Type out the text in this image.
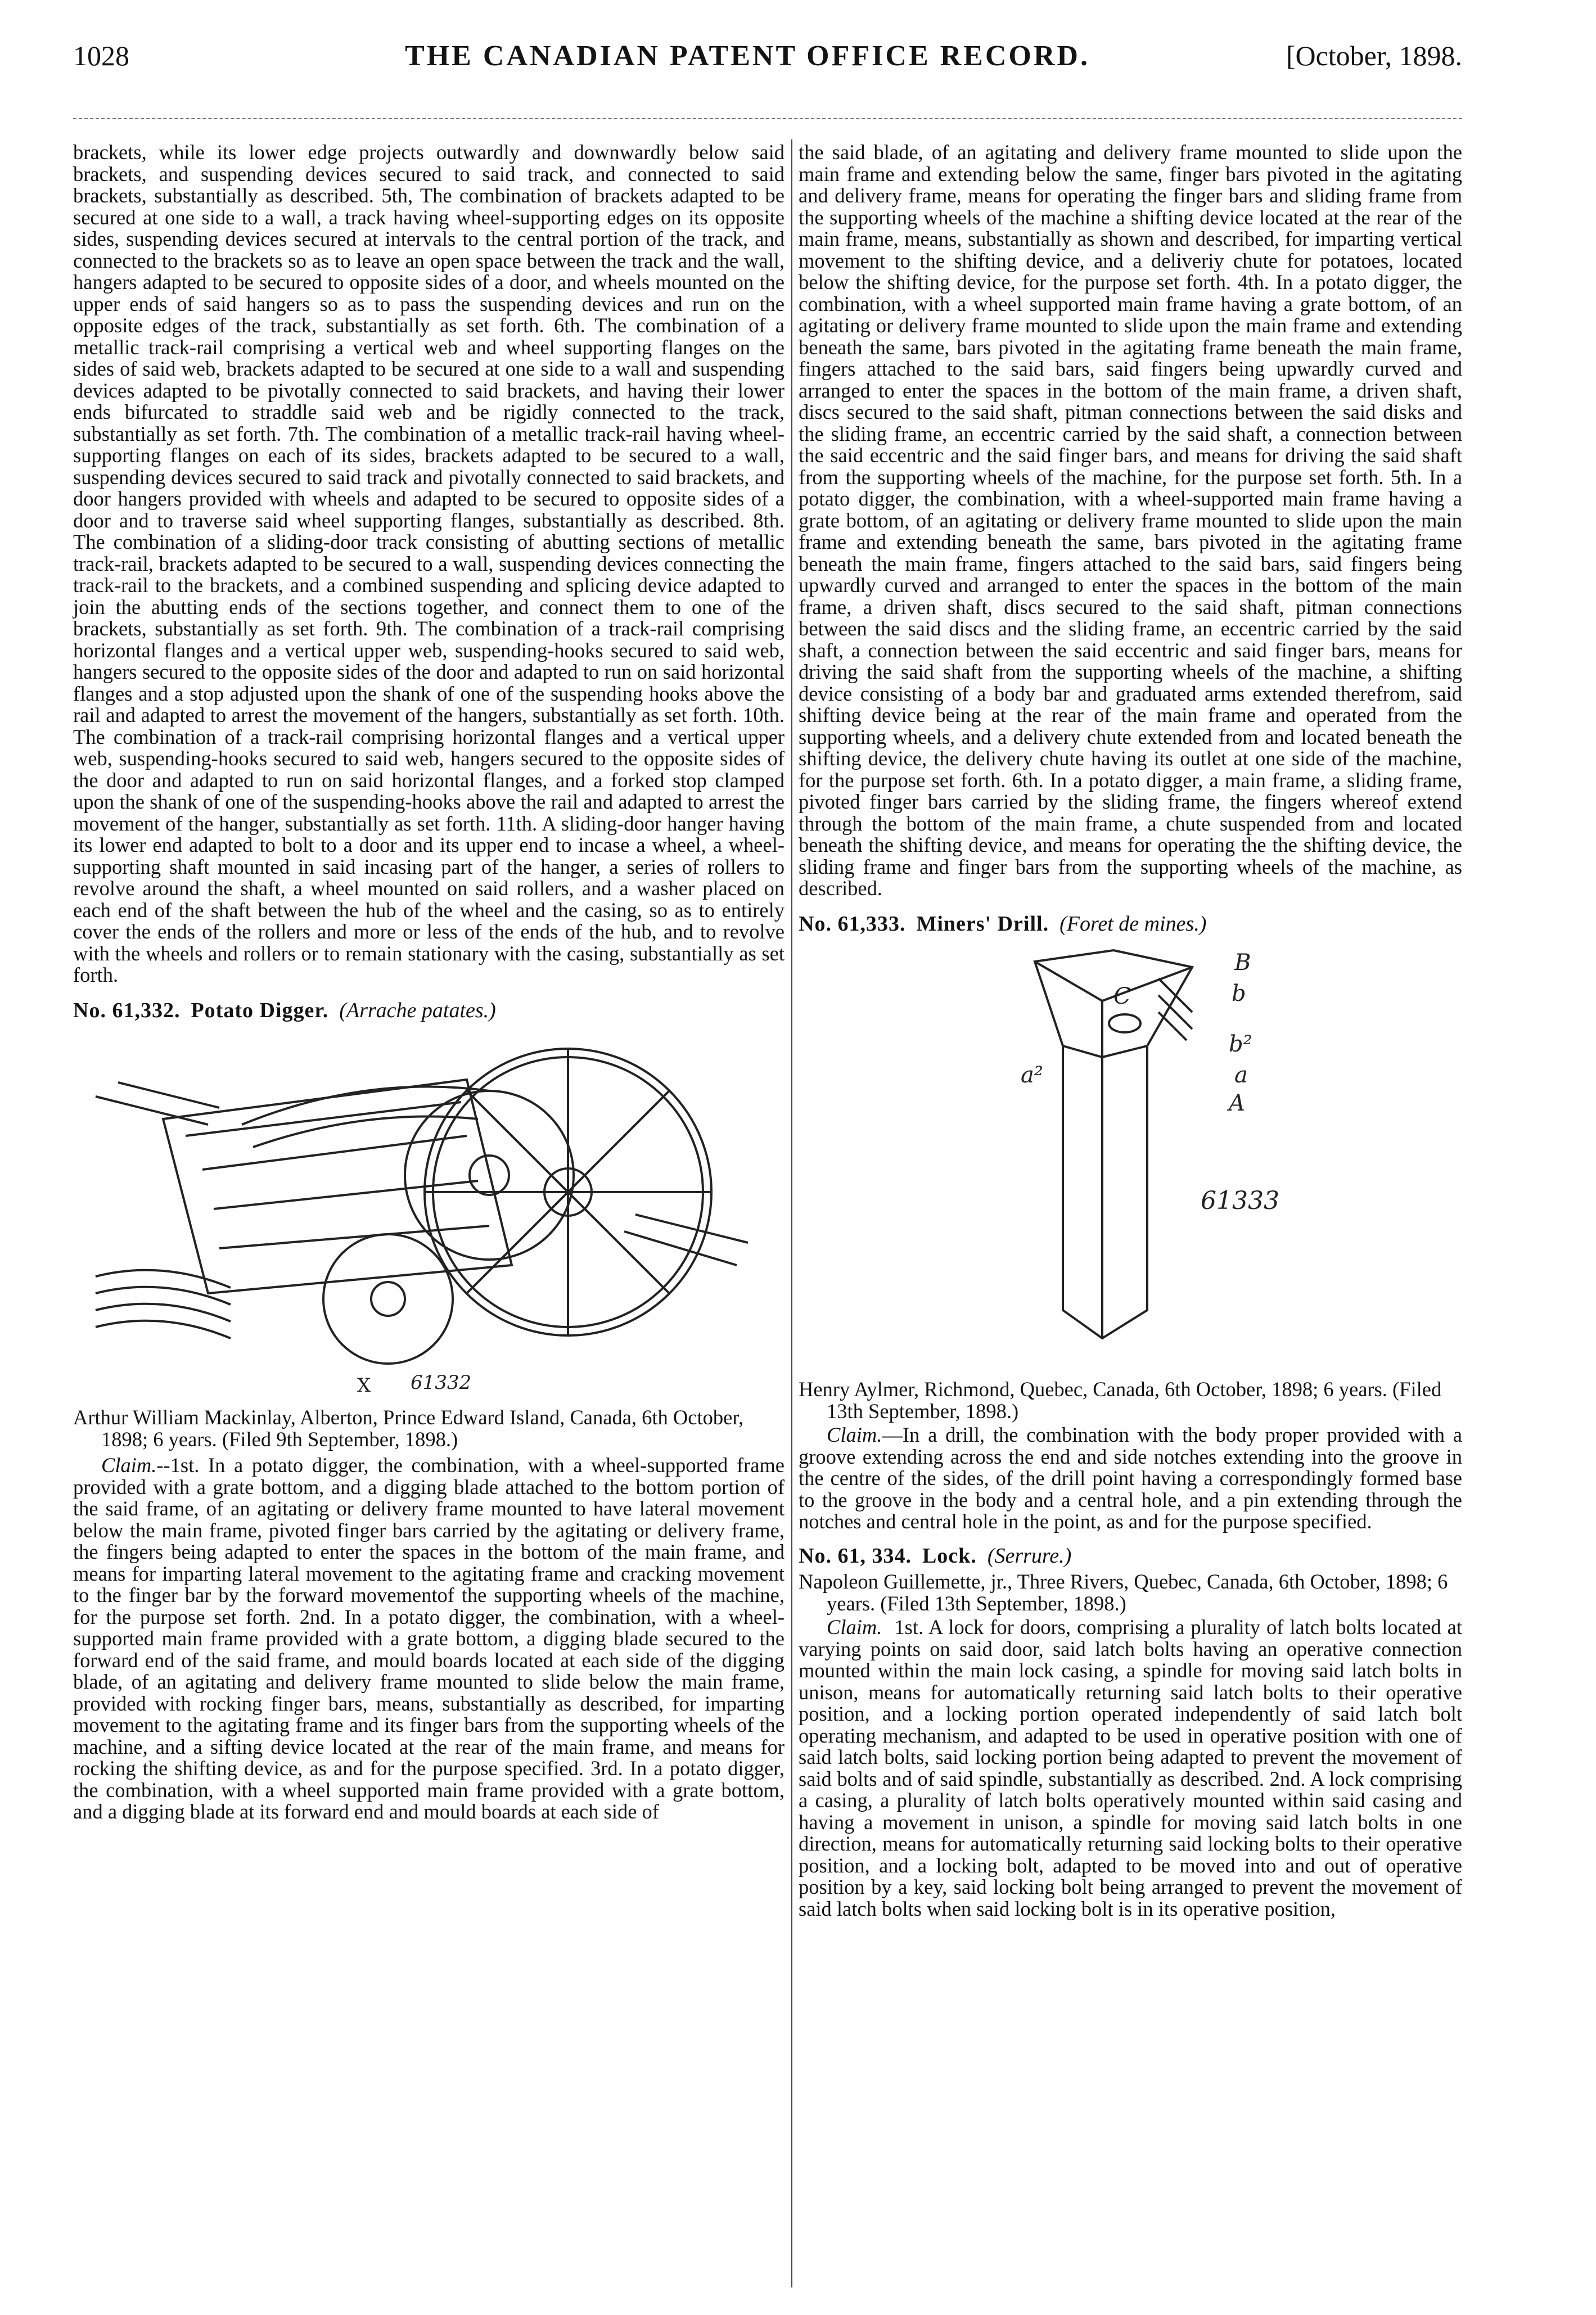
1028	THE CANADIAN PATENT OFFICE RECORD.	[October, 1898.

brackets, while its lower edge projects outwardly and downwardly below said brackets, and suspending devices secured to said track, and connected to said brackets, substantially as described. 5th, The combination of brackets adapted to be secured at one side to a wall, a track having wheel-supporting edges on its opposite sides, suspending devices secured at intervals to the central portion of the track, and connected to the brackets so as to leave an open space between the track and the wall, hangers adapted to be secured to opposite sides of a door, and wheels mounted on the upper ends of said hangers so as to pass the suspending devices and run on the opposite edges of the track, substantially as set forth. 6th. The combination of a metallic track-rail comprising a vertical web and wheel supporting flanges on the sides of said web, brackets adapted to be secured at one side to a wall and suspending devices adapted to be pivotally connected to said brackets, and having their lower ends bifurcated to straddle said web and be rigidly connected to the track, substantially as set forth. 7th. The combination of a metallic track-rail having wheel-supporting flanges on each of its sides, brackets adapted to be secured to a wall, suspending devices secured to said track and pivotally connected to said brackets, and door hangers provided with wheels and adapted to be secured to opposite sides of a door and to traverse said wheel supporting flanges, substantially as described. 8th. The combination of a sliding-door track consisting of abutting sections of metallic track-rail, brackets adapted to be secured to a wall, suspending devices connecting the track-rail to the brackets, and a combined suspending and splicing device adapted to join the abutting ends of the sections together, and connect them to one of the brackets, substantially as set forth. 9th. The combination of a track-rail comprising horizontal flanges and a vertical upper web, suspending-hooks secured to said web, hangers secured to the opposite sides of the door and adapted to run on said horizontal flanges and a stop adjusted upon the shank of one of the suspending hooks above the rail and adapted to arrest the movement of the hangers, substantially as set forth. 10th. The combination of a track-rail comprising horizontal flanges and a vertical upper web, suspending-hooks secured to said web, hangers secured to the opposite sides of the door and adapted to run on said horizontal flanges, and a forked stop clamped upon the shank of one of the suspending-hooks above the rail and adapted to arrest the movement of the hanger, substantially as set forth. 11th. A sliding-door hanger having its lower end adapted to bolt to a door and its upper end to incase a wheel, a wheel-supporting shaft mounted in said incasing part of the hanger, a series of rollers to revolve around the shaft, a wheel mounted on said rollers, and a washer placed on each end of the shaft between the hub of the wheel and the casing, so as to entirely cover the ends of the rollers and more or less of the ends of the hub, and to revolve with the wheels and rollers or to remain stationary with the casing, substantially as set forth.

No. 61,332. Potato Digger. (Arrache patates.)

61332
X

Arthur William Mackinlay, Alberton, Prince Edward Island, Canada, 6th October, 1898; 6 years. (Filed 9th September, 1898.)

Claim.--1st. In a potato digger, the combination, with a wheel-supported frame provided with a grate bottom, and a digging blade attached to the bottom portion of the said frame, of an agitating or delivery frame mounted to have lateral movement below the main frame, pivoted finger bars carried by the agitating or delivery frame, the fingers being adapted to enter the spaces in the bottom of the main frame, and means for imparting lateral movement to the agitating frame and cracking movement to the finger bar by the forward movementof the supporting wheels of the machine, for the purpose set forth. 2nd. In a potato digger, the combination, with a wheel-supported main frame provided with a grate bottom, a digging blade secured to the forward end of the said frame, and mould boards located at each side of the digging blade, of an agitating and delivery frame mounted to slide below the main frame, provided with rocking finger bars, means, substantially as described, for imparting movement to the agitating frame and its finger bars from the supporting wheels of the machine, and a sifting device located at the rear of the main frame, and means for rocking the shifting device, as and for the purpose specified. 3rd. In a potato digger, the combination, with a wheel supported main frame provided with a grate bottom, and a digging blade at its forward end and mould boards at each side of

the said blade, of an agitating and delivery frame mounted to slide upon the main frame and extending below the same, finger bars pivoted in the agitating and delivery frame, means for operating the finger bars and sliding frame from the supporting wheels of the machine a shifting device located at the rear of the main frame, means, substantially as shown and described, for imparting vertical movement to the shifting device, and a deliveriy chute for potatoes, located below the shifting device, for the purpose set forth. 4th. In a potato digger, the combination, with a wheel supported main frame having a grate bottom, of an agitating or delivery frame mounted to slide upon the main frame and extending beneath the same, bars pivoted in the agitating frame beneath the main frame, fingers attached to the said bars, said fingers being upwardly curved and arranged to enter the spaces in the bottom of the main frame, a driven shaft, discs secured to the said shaft, pitman connections between the said disks and the sliding frame, an eccentric carried by the said shaft, a connection between the said eccentric and the said finger bars, and means for driving the said shaft from the supporting wheels of the machine, for the purpose set forth. 5th. In a potato digger, the combination, with a wheel-supported main frame having a grate bottom, of an agitating or delivery frame mounted to slide upon the main frame and extending beneath the same, bars pivoted in the agitating frame beneath the main frame, fingers attached to the said bars, said fingers being upwardly curved and arranged to enter the spaces in the bottom of the main frame, a driven shaft, discs secured to the said shaft, pitman connections between the said discs and the sliding frame, an eccentric carried by the said shaft, a connection between the said eccentric and said finger bars, means for driving the said shaft from the supporting wheels of the machine, a shifting device consisting of a body bar and graduated arms extended therefrom, said shifting device being at the rear of the main frame and operated from the supporting wheels, and a delivery chute extended from and located beneath the shifting device, the delivery chute having its outlet at one side of the machine, for the purpose set forth. 6th. In a potato digger, a main frame, a sliding frame, pivoted finger bars carried by the sliding frame, the fingers whereof extend through the bottom of the main frame, a chute suspended from and located beneath the shifting device, and means for operating the the shifting device, the sliding frame and finger bars from the supporting wheels of the machine, as described.

No. 61,333. Miners' Drill. (Foret de mines.)

B
C	b
b²
a²	a
A
61333

Henry Aylmer, Richmond, Quebec, Canada, 6th October, 1898; 6 years. (Filed 13th September, 1898.)

Claim.—In a drill, the combination with the body proper provided with a groove extending across the end and side notches extending into the groove in the centre of the sides, of the drill point having a correspondingly formed base to the groove in the body and a central hole, and a pin extending through the notches and central hole in the point, as and for the purpose specified.

No. 61, 334. Lock. (Serrure.)

Napoleon Guillemette, jr., Three Rivers, Quebec, Canada, 6th October, 1898; 6 years. (Filed 13th September, 1898.)

Claim. 1st. A lock for doors, comprising a plurality of latch bolts located at varying points on said door, said latch bolts having an operative connection mounted within the main lock casing, a spindle for moving said latch bolts in unison, means for automatically returning said latch bolts to their operative position, and a locking portion operated independently of said latch bolt operating mechanism, and adapted to be used in operative position with one of said latch bolts, said locking portion being adapted to prevent the movement of said bolts and of said spindle, substantially as described. 2nd. A lock comprising a casing, a plurality of latch bolts operatively mounted within said casing and having a movement in unison, a spindle for moving said latch bolts in one direction, means for automatically returning said locking bolts to their operative position, and a locking bolt, adapted to be moved into and out of operative position by a key, said locking bolt being arranged to prevent the movement of said latch bolts when said locking bolt is in its operative position,
